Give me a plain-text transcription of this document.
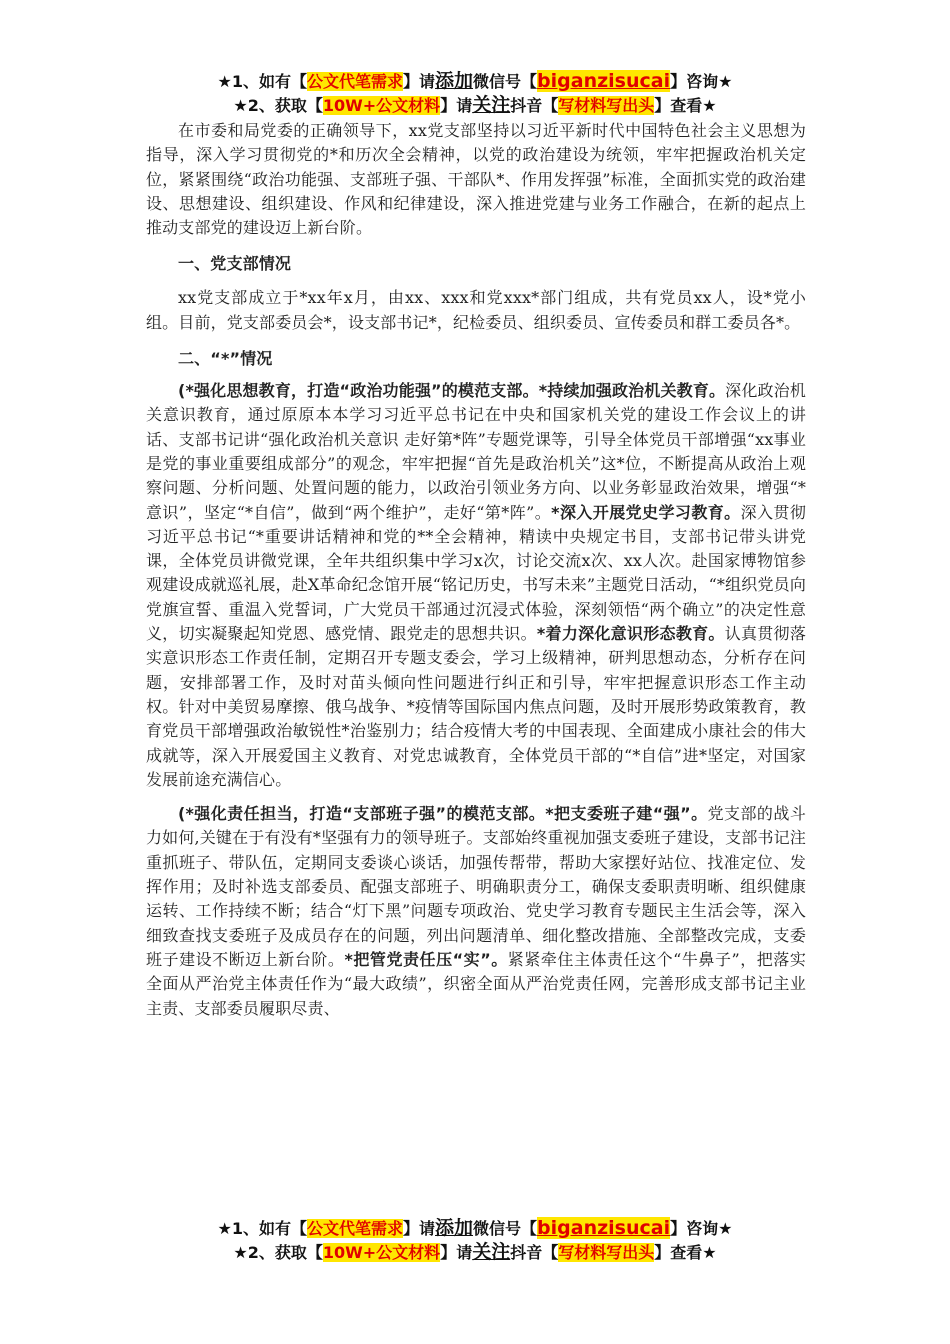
★1、如有【公文代笔需求】请添加微信号【biganzisucai】咨询★
★2、获取【10W+公文材料】请关注抖音【写材料写出头】查看★

在市委和局党委的正确领导下，xx党支部坚持以习近平新时代中国特色社会主义思想为指导，深入学习贯彻党的*和历次全会精神，以党的政治建设为统领，牢牢把握政治机关定位，紧紧围绕“政治功能强、支部班子强、干部队*、作用发挥强”标准，全面抓实党的政治建设、思想建设、组织建设、作风和纪律建设，深入推进党建与业务工作融合，在新的起点上推动支部党的建设迈上新台阶。

一、党支部情况

xx党支部成立于*xx年x月，由xx、xxx和党xxx*部门组成，共有党员xx人，设*党小组。目前，党支部委员会*，设支部书记*，纪检委员、组织委员、宣传委员和群工委员各*。

二、“*”情况

(*强化思想教育，打造“政治功能强”的模范支部。*持续加强政治机关教育。深化政治机关意识教育，通过原原本本学习习近平总书记在中央和国家机关党的建设工作会议上的讲话、支部书记讲“强化政治机关意识 走好第*阵”专题党课等，引导全体党员干部增强“xx事业是党的事业重要组成部分”的观念，牢牢把握“首先是政治机关”这*位，不断提高从政治上观察问题、分析问题、处置问题的能力，以政治引领业务方向、以业务彰显政治效果，增强“*意识”，坚定“*自信”，做到“两个维护”，走好“第*阵”。*深入开展党史学习教育。深入贯彻习近平总书记“*重要讲话精神和党的**全会精神，精读中央规定书目，支部书记带头讲党课，全体党员讲微党课，全年共组织集中学习x次，讨论交流x次、xx人次。赴国家博物馆参观建设成就巡礼展，赴X革命纪念馆开展“铭记历史，书写未来”主题党日活动，“*组织党员向党旗宣誓、重温入党誓词，广大党员干部通过沉浸式体验，深刻领悟“两个确立”的决定性意义，切实凝聚起知党恩、感党情、跟党走的思想共识。*着力深化意识形态教育。认真贯彻落实意识形态工作责任制，定期召开专题支委会，学习上级精神，研判思想动态，分析存在问题，安排部署工作，及时对苗头倾向性问题进行纠正和引导，牢牢把握意识形态工作主动权。针对中美贸易摩擦、俄乌战争、*疫情等国际国内焦点问题，及时开展形势政策教育，教育党员干部增强政治敏锐性*治鉴别力；结合疫情大考的中国表现、全面建成小康社会的伟大成就等，深入开展爱国主义教育、对党忠诚教育，全体党员干部的“*自信”进*坚定，对国家发展前途充满信心。

(*强化责任担当，打造“支部班子强”的模范支部。*把支委班子建“强”。党支部的战斗力如何,关键在于有没有*坚强有力的领导班子。支部始终重视加强支委班子建设，支部书记注重抓班子、带队伍，定期同支委谈心谈话，加强传帮带，帮助大家摆好站位、找准定位、发挥作用；及时补选支部委员、配强支部班子、明确职责分工，确保支委职责明晰、组织健康运转、工作持续不断；结合“灯下黑”问题专项政治、党史学习教育专题民主生活会等，深入细致查找支委班子及成员存在的问题，列出问题清单、细化整改措施、全部整改完成，支委班子建设不断迈上新台阶。*把管党责任压“实”。紧紧牵住主体责任这个“牛鼻子”，把落实全面从严治党主体责任作为“最大政绩”，织密全面从严治党责任网，完善形成支部书记主业主责、支部委员履职尽责、

★1、如有【公文代笔需求】请添加微信号【biganzisucai】咨询★
★2、获取【10W+公文材料】请关注抖音【写材料写出头】查看★
